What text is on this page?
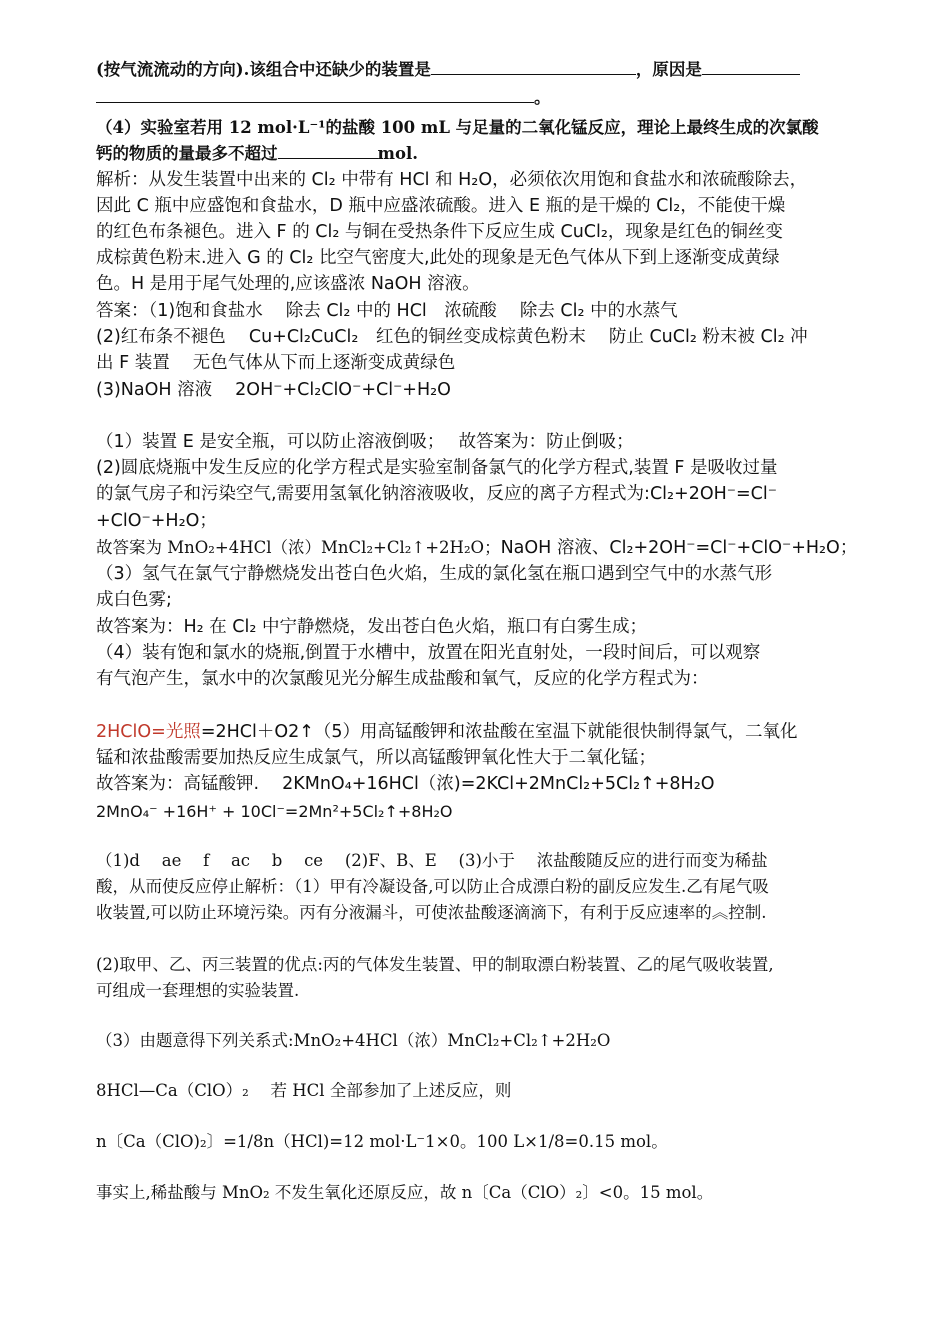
(按气流流动的方向).该组合中还缺少的装置是	，原因是
。
（4）实验室若用 12 mol·L⁻¹的盐酸 100 mL 与足量的二氧化锰反应，理论上最终生成的次氯酸
钙的物质的量最多不超过	mol.
解析：从发生装置中出来的 Cl₂ 中带有 HCl 和 H₂O，必须依次用饱和食盐水和浓硫酸除去，
因此 C 瓶中应盛饱和食盐水，D 瓶中应盛浓硫酸。进入 E 瓶的是干燥的 Cl₂，不能使干燥
的红色布条褪色。进入 F 的 Cl₂ 与铜在受热条件下反应生成 CuCl₂，现象是红色的铜丝变
成棕黄色粉末.进入 G 的 Cl₂ 比空气密度大,此处的现象是无色气体从下到上逐渐变成黄绿
色。H 是用于尾气处理的,应该盛浓 NaOH 溶液。
答案：（1)饱和食盐水　 除去 Cl₂ 中的 HCl　浓硫酸　 除去 Cl₂ 中的水蒸气
(2)红布条不褪色　 Cu+Cl₂CuCl₂　红色的铜丝变成棕黄色粉末　 防止 CuCl₂ 粉末被 Cl₂ 冲
出 F 装置　 无色气体从下而上逐渐变成黄绿色
(3)NaOH 溶液　 2OH⁻+Cl₂ClO⁻+Cl⁻+H₂O
（1）装置 E 是安全瓶，可以防止溶液倒吸；　 故答案为：防止倒吸；
(2)圆底烧瓶中发生反应的化学方程式是实验室制备氯气的化学方程式,装置 F 是吸收过量
的氯气房子和污染空气,需要用氢氧化钠溶液吸收，反应的离子方程式为:Cl₂+2OH⁻=Cl⁻
+ClO⁻+H₂O；
故答案为 MnO₂+4HCl（浓）MnCl₂+Cl₂↑+2H₂O；NaOH 溶液、Cl₂+2OH⁻=Cl⁻+ClO⁻+H₂O；
（3）氢气在氯气宁静燃烧发出苍白色火焰，生成的氯化氢在瓶口遇到空气中的水蒸气形
成白色雾;
故答案为：H₂ 在 Cl₂ 中宁静燃烧，发出苍白色火焰，瓶口有白雾生成；
（4）装有饱和氯水的烧瓶,倒置于水槽中，放置在阳光直射处，一段时间后，可以观察
有气泡产生，氯水中的次氯酸见光分解生成盐酸和氧气，反应的化学方程式为：
2HClO=光照=2HCl＋O2↑（5）用高锰酸钾和浓盐酸在室温下就能很快制得氯气，二氧化
锰和浓盐酸需要加热反应生成氯气，所以高锰酸钾氧化性大于二氧化锰；
故答案为：高锰酸钾.　 2KMnO₄+16HCl（浓)=2KCl+2MnCl₂+5Cl₂↑+8H₂O
2MnO₄⁻ +16H⁺ + 10Cl⁻=2Mn²+5Cl₂↑+8H₂O
（1)d　 ae　 f　 ac　 b　 ce　 (2)F、B、E　 (3)小于　 浓盐酸随反应的进行而变为稀盐
酸，从而使反应停止解析：（1）甲有冷凝设备,可以防止合成漂白粉的副反应发生.乙有尾气吸
收装置,可以防止环境污染。丙有分液漏斗，可使浓盐酸逐滴滴下，有利于反应速率的︽控制.
(2)取甲、乙、丙三装置的优点:丙的气体发生装置、甲的制取漂白粉装置、乙的尾气吸收装置,
可组成一套理想的实验装置.
（3）由题意得下列关系式:MnO₂+4HCl（浓）MnCl₂+Cl₂↑+2H₂O
8HCl—Ca（ClO）₂　 若 HCl 全部参加了上述反应，则
n〔Ca（ClO)₂〕=1/8n（HCl)=12 mol·L⁻1×0。100 L×1/8=0.15 mol。
事实上,稀盐酸与 MnO₂ 不发生氧化还原反应，故 n〔Ca（ClO）₂〕<0。15 mol。
